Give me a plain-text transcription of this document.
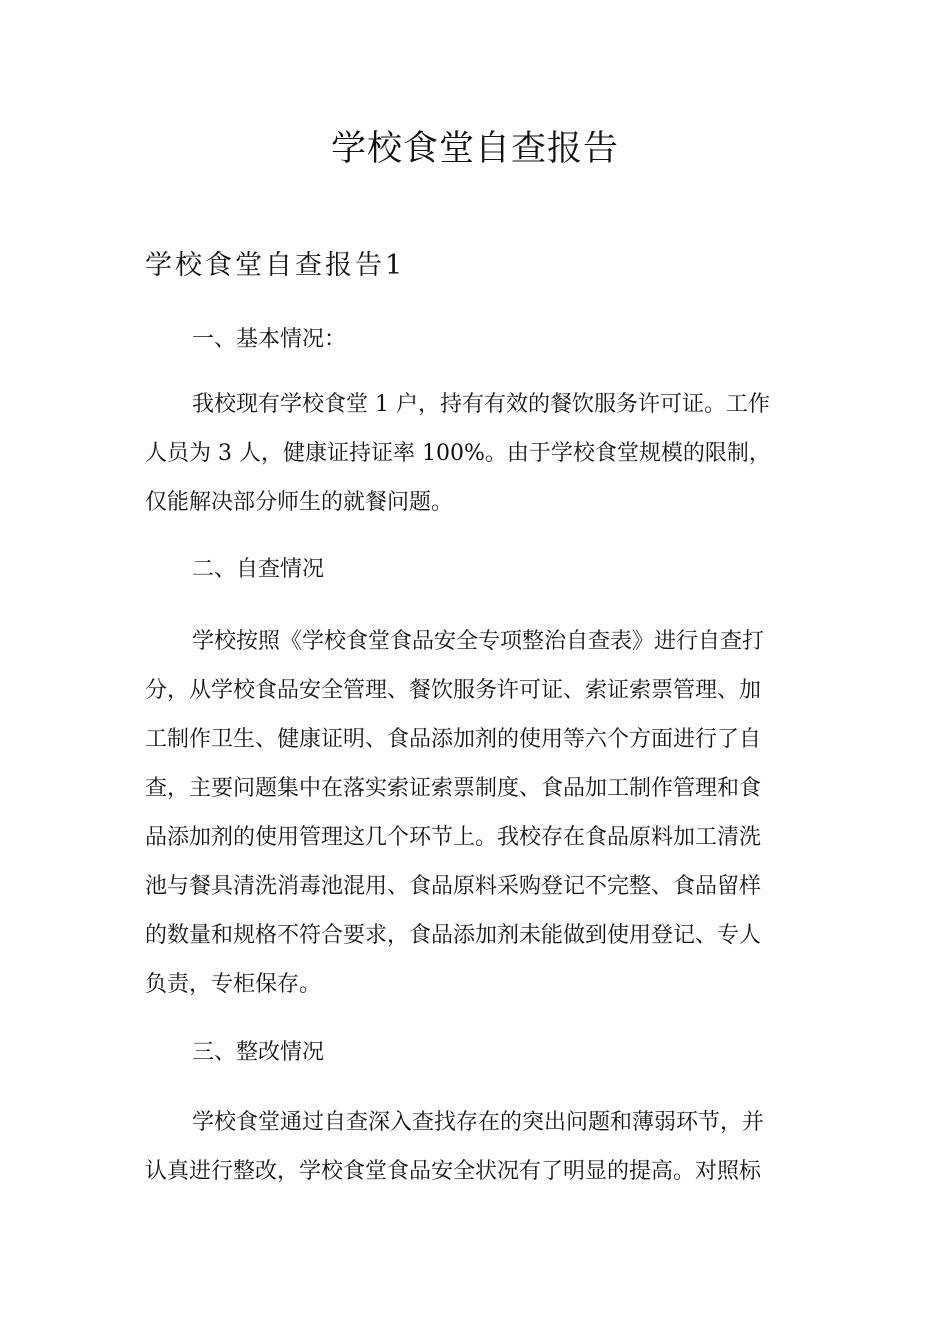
学校食堂自查报告
学校食堂自查报告1
一、基本情况：

我校现有学校食堂 1 户，持有有效的餐饮服务许可证。工作
人员为 3 人，健康证持证率 100%。由于学校食堂规模的限制，
仅能解决部分师生的就餐问题。

二、自查情况

学校按照《学校食堂食品安全专项整治自查表》进行自查打
分，从学校食品安全管理、餐饮服务许可证、索证索票管理、加
工制作卫生、健康证明、食品添加剂的使用等六个方面进行了自
查，主要问题集中在落实索证索票制度、食品加工制作管理和食
品添加剂的使用管理这几个环节上。我校存在食品原料加工清洗
池与餐具清洗消毒池混用、食品原料采购登记不完整、食品留样
的数量和规格不符合要求，食品添加剂未能做到使用登记、专人
负责，专柜保存。

三、整改情况

学校食堂通过自查深入查找存在的突出问题和薄弱环节，并
认真进行整改，学校食堂食品安全状况有了明显的提高。对照标
